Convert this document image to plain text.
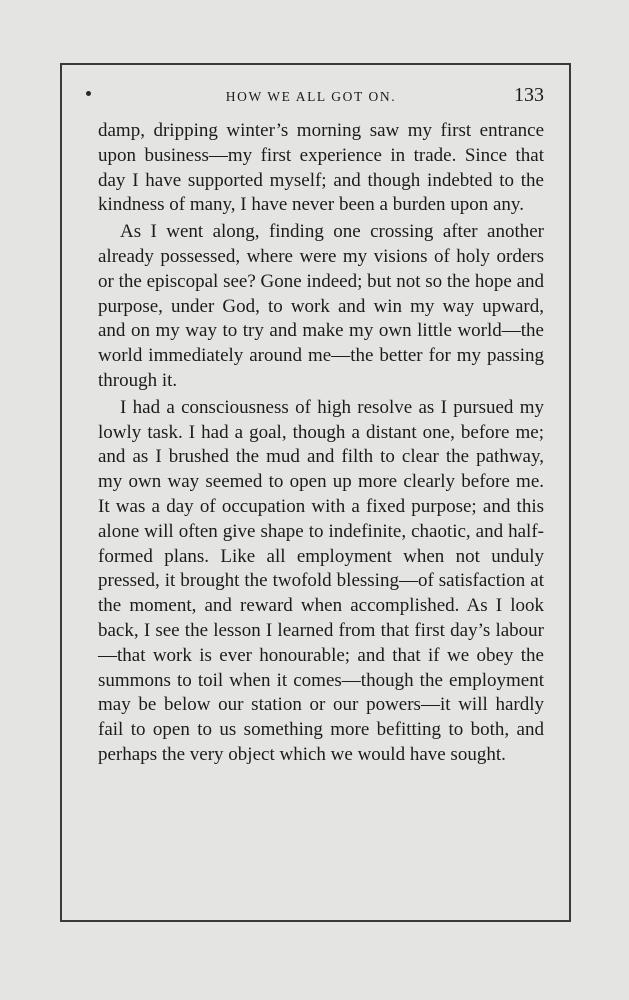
HOW WE ALL GOT ON.	133

damp, dripping winter’s morning saw my first entrance upon business—my first experience in trade. Since that day I have supported myself; and though indebted to the kindness of many, I have never been a burden upon any.

As I went along, finding one crossing after another already possessed, where were my visions of holy orders or the episcopal see? Gone indeed; but not so the hope and purpose, under God, to work and win my way upward, and on my way to try and make my own little world—the world immediately around me—the better for my passing through it.

I had a consciousness of high resolve as I pursued my lowly task. I had a goal, though a distant one, before me; and as I brushed the mud and filth to clear the pathway, my own way seemed to open up more clearly before me. It was a day of occupation with a fixed purpose; and this alone will often give shape to indefinite, chaotic, and half-formed plans. Like all employment when not unduly pressed, it brought the twofold blessing—of satisfaction at the moment, and reward when accomplished. As I look back, I see the lesson I learned from that first day’s labour—that work is ever honourable; and that if we obey the summons to toil when it comes—though the employment may be below our station or our powers—it will hardly fail to open to us something more befitting to both, and perhaps the very object which we would have sought.
